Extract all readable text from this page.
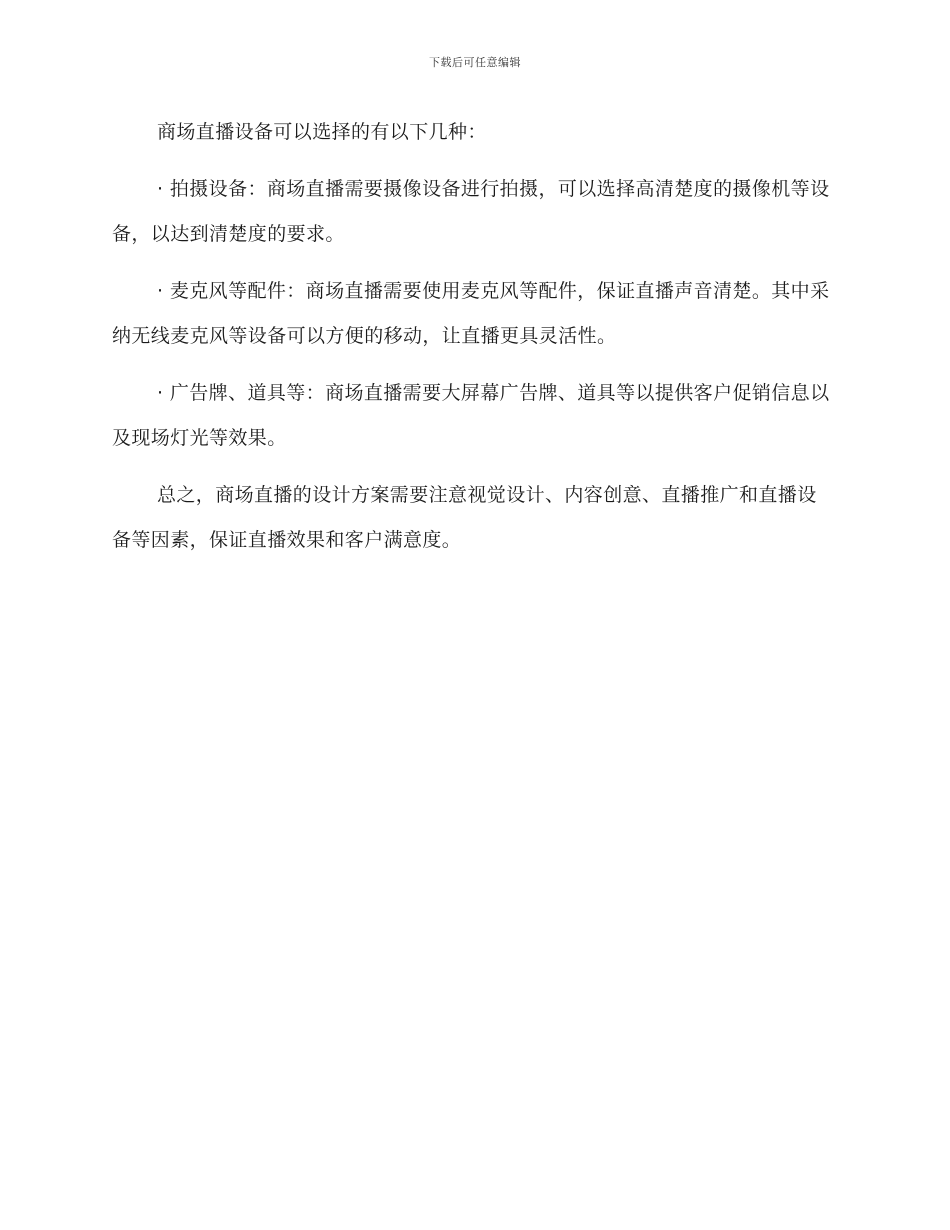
下载后可任意编辑

商场直播设备可以选择的有以下几种：

· 拍摄设备：商场直播需要摄像设备进行拍摄，可以选择高清楚度的摄像机等设备，以达到清楚度的要求。

· 麦克风等配件：商场直播需要使用麦克风等配件，保证直播声音清楚。其中采纳无线麦克风等设备可以方便的移动，让直播更具灵活性。

· 广告牌、道具等：商场直播需要大屏幕广告牌、道具等以提供客户促销信息以及现场灯光等效果。

总之，商场直播的设计方案需要注意视觉设计、内容创意、直播推广和直播设备等因素，保证直播效果和客户满意度。
